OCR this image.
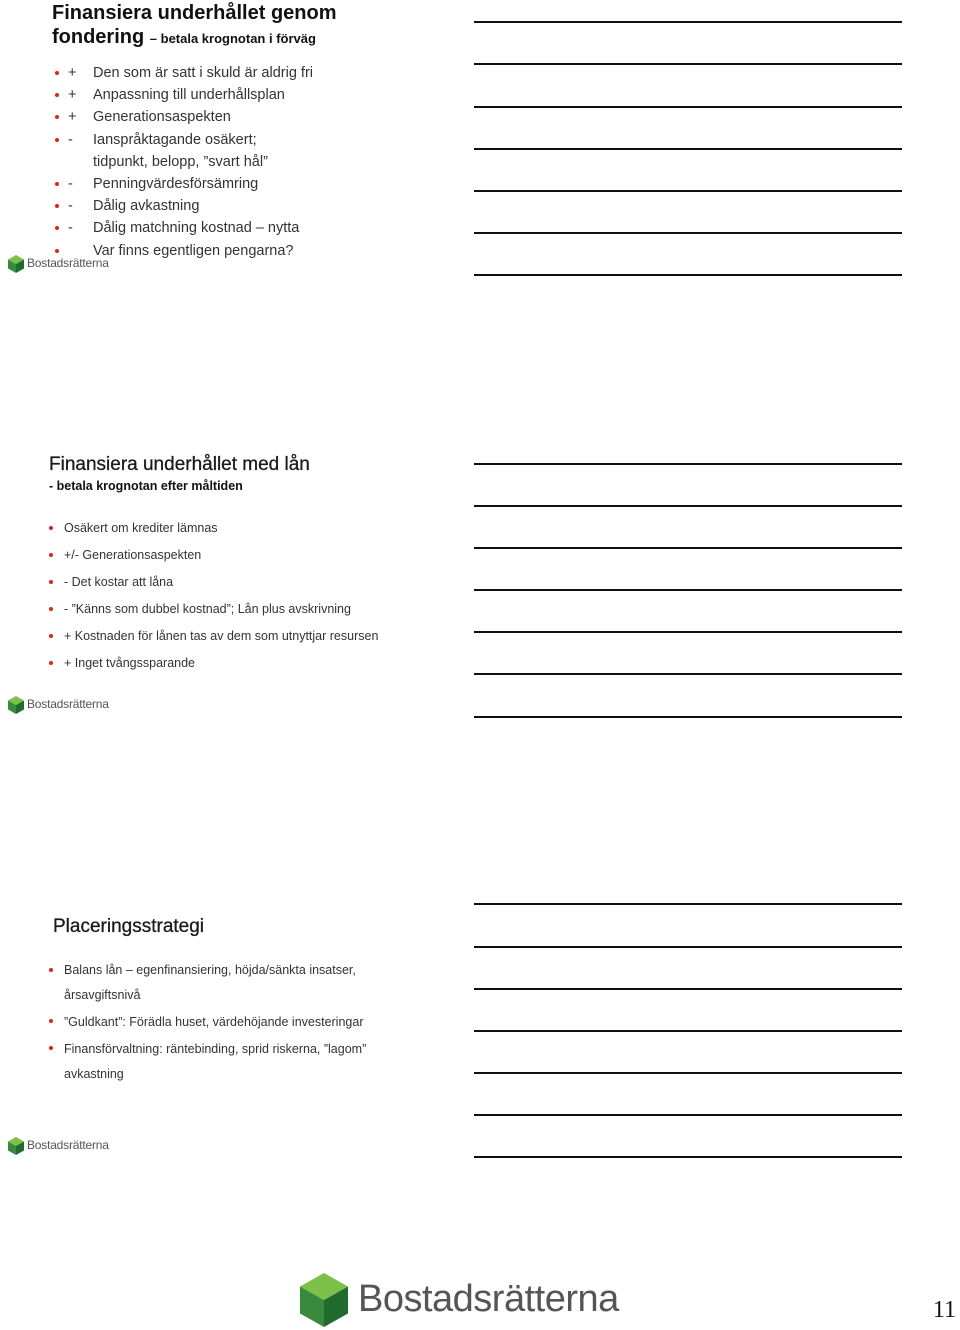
Finansiera underhållet genom
fondering – betala krognotan i förväg
+ Den som är satt i skuld är aldrig fri
+ Anpassning till underhållsplan
+ Generationsaspekten
- Ianspråktagande osäkert;
tidpunkt, belopp, ”svart hål”
- Penningvärdesförsämring
- Dålig avkastning
- Dålig matchning kostnad – nytta
Var finns egentligen pengarna?
Bostadsrätterna
Finansiera underhållet med lån
- betala krognotan efter måltiden
Osäkert om krediter lämnas
+/- Generationsaspekten
- Det kostar att låna
- ”Känns som dubbel kostnad”; Lån plus avskrivning
+ Kostnaden för lånen tas av dem som utnyttjar resursen
+ Inget tvångssparande
Bostadsrätterna
Placeringsstrategi
Balans lån – egenfinansiering, höjda/sänkta insatser,
årsavgiftsnivå
”Guldkant”: Förädla huset, värdehöjande investeringar
Finansförvaltning: räntebinding, sprid riskerna, ”lagom”
avkastning
Bostadsrätterna
Bostadsrätterna	11
